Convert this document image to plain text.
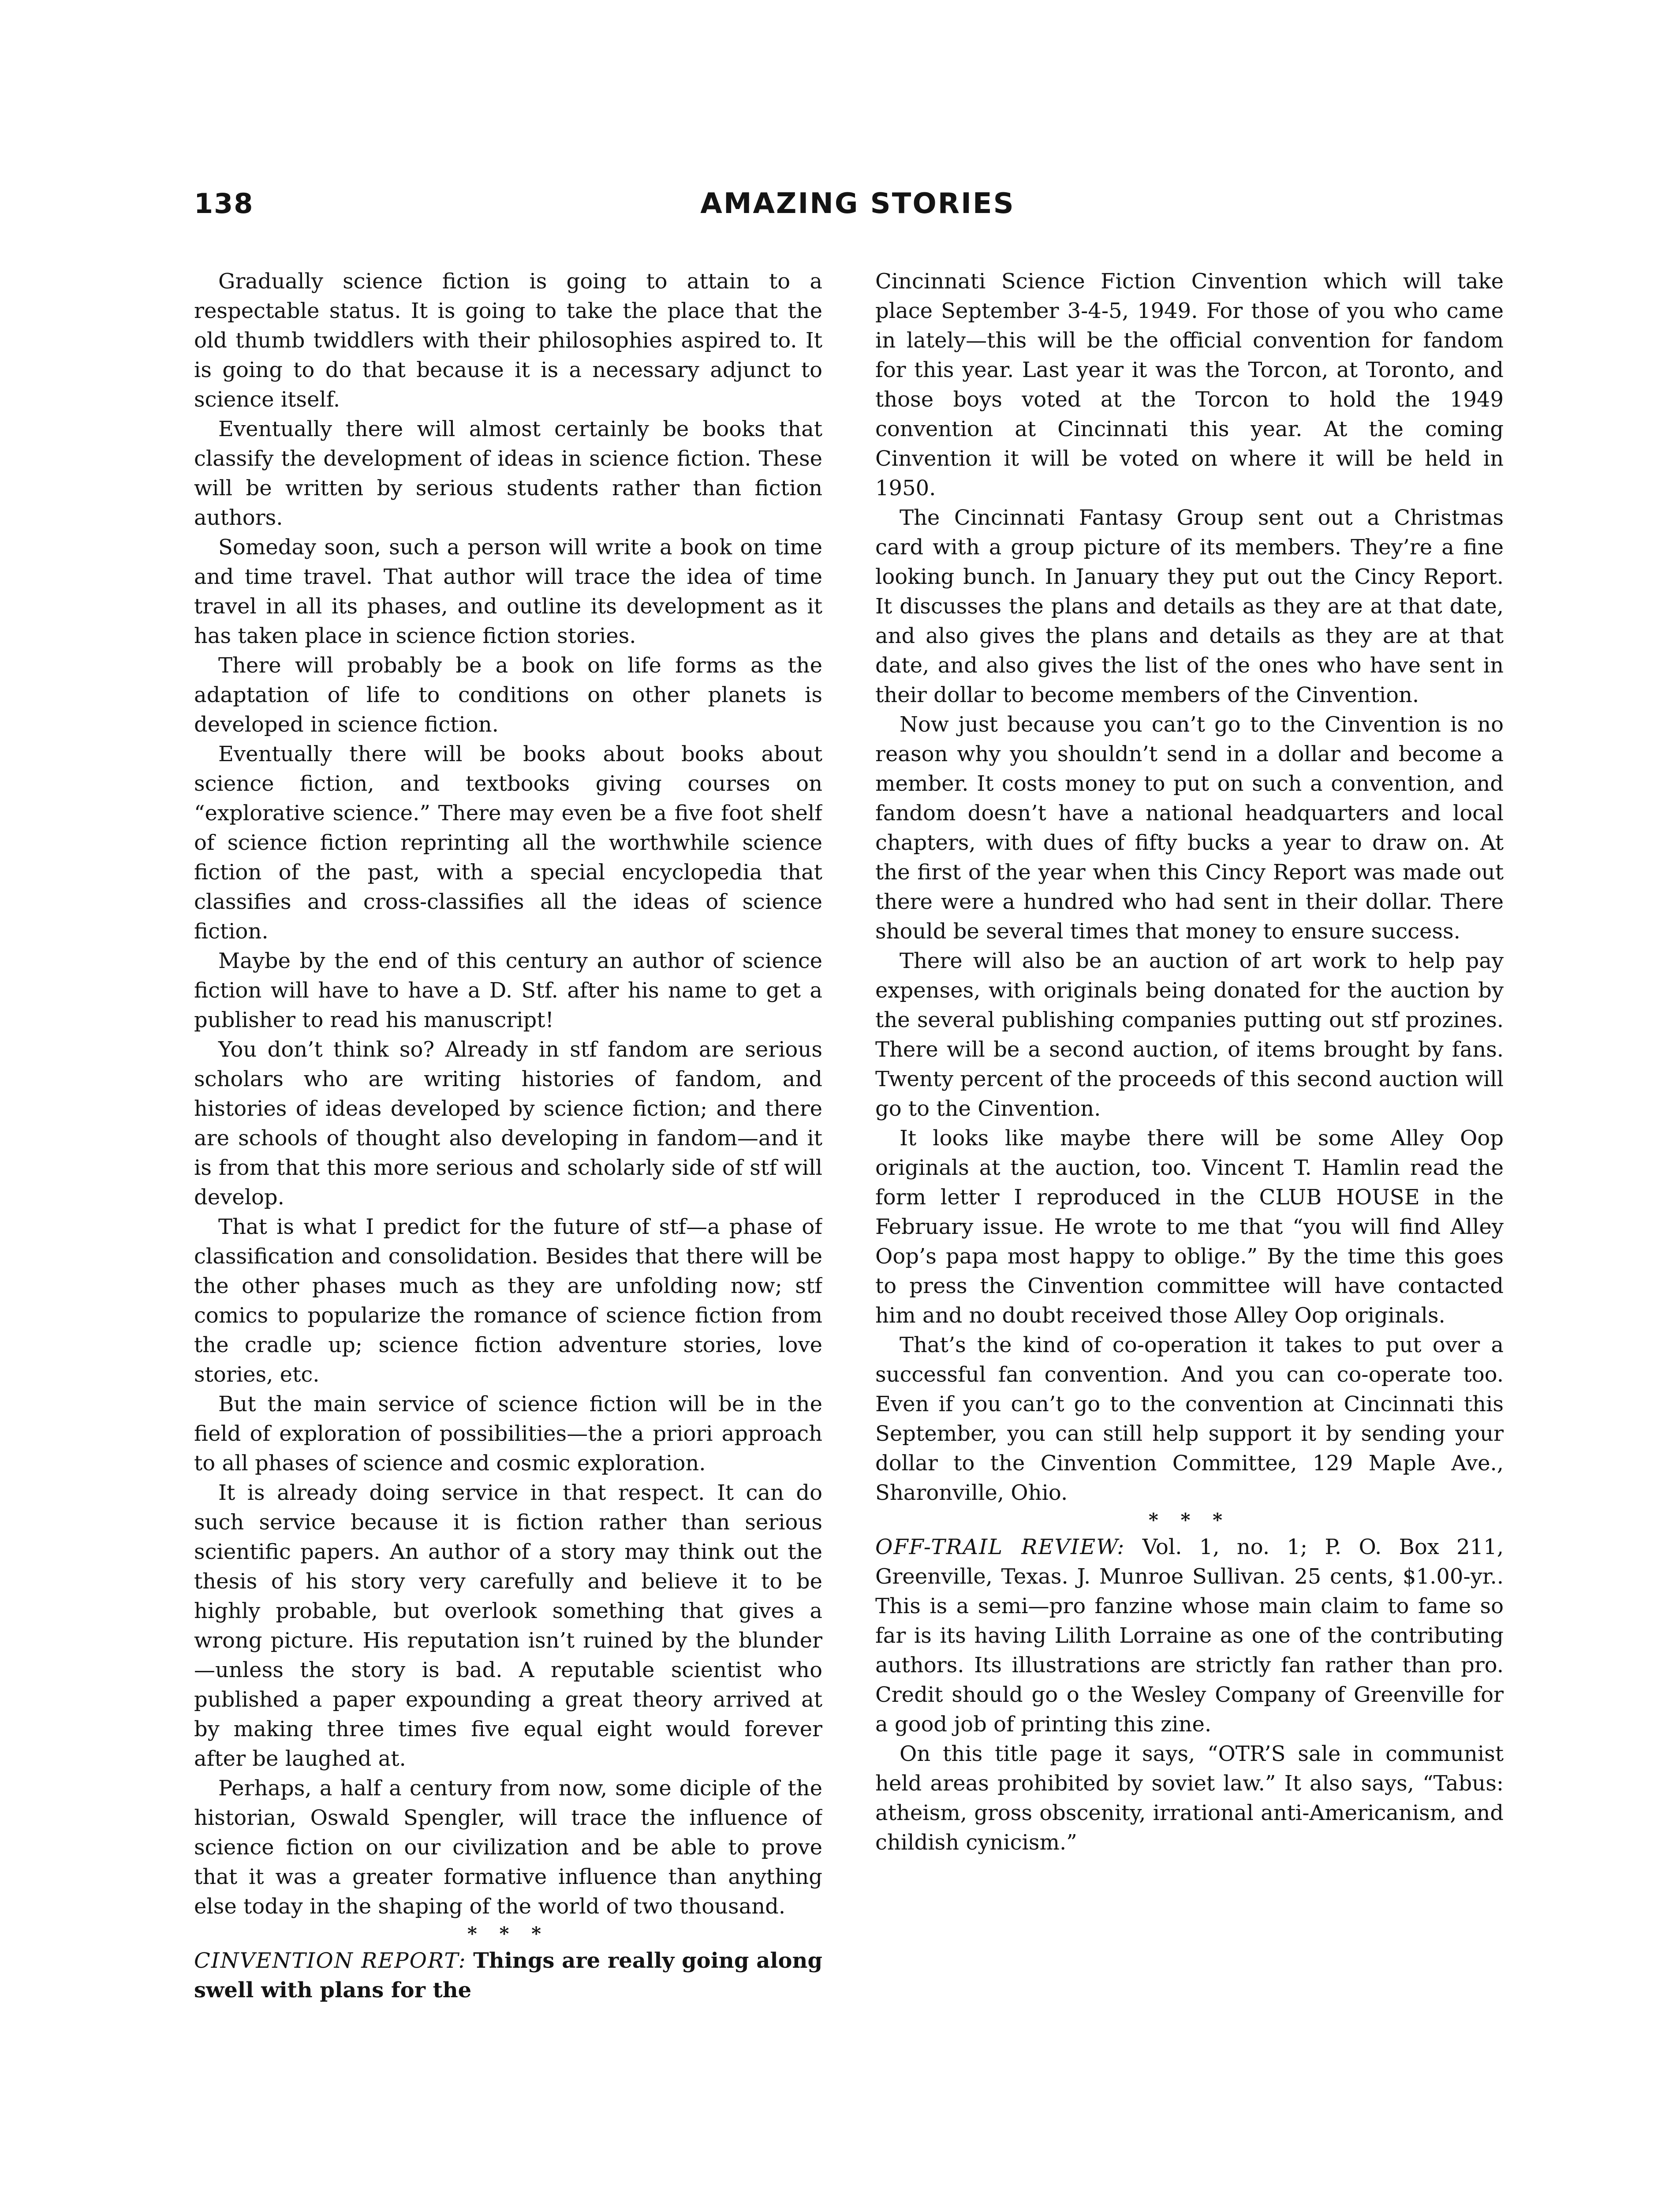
138	AMAZING STORIES

Gradually science fiction is going to attain to a respectable status. It is going to take the place that the old thumb twiddlers with their philosophies aspired to. It is going to do that because it is a necessary adjunct to science itself.

Eventually there will almost certainly be books that classify the development of ideas in science fiction. These will be written by serious students rather than fiction authors.

Someday soon, such a person will write a book on time and time travel. That author will trace the idea of time travel in all its phases, and outline its development as it has taken place in science fiction stories.

There will probably be a book on life forms as the adaptation of life to conditions on other planets is developed in science fiction.

Eventually there will be books about books about science fiction, and textbooks giving courses on “explorative science.” There may even be a five foot shelf of science fiction reprinting all the worthwhile science fiction of the past, with a special encyclopedia that classifies and cross-classifies all the ideas of science fiction.

Maybe by the end of this century an author of science fiction will have to have a D. Stf. after his name to get a publisher to read his manuscript!

You don’t think so? Already in stf fandom are serious scholars who are writing histories of fandom, and histories of ideas developed by science fiction; and there are schools of thought also developing in fandom—and it is from that this more serious and scholarly side of stf will develop.

That is what I predict for the future of stf—a phase of classification and consolidation. Besides that there will be the other phases much as they are unfolding now; stf comics to popularize the romance of science fiction from the cradle up; science fiction adventure stories, love stories, etc.

But the main service of science fiction will be in the field of exploration of possibilities—the a priori approach to all phases of science and cosmic exploration.

It is already doing service in that respect. It can do such service because it is fiction rather than serious scientific papers. An author of a story may think out the thesis of his story very carefully and believe it to be highly probable, but overlook something that gives a wrong picture. His reputation isn’t ruined by the blunder—unless the story is bad. A reputable scientist who published a paper expounding a great theory arrived at by making three times five equal eight would forever after be laughed at.

Perhaps, a half a century from now, some diciple of the historian, Oswald Spengler, will trace the influence of science fiction on our civilization and be able to prove that it was a greater formative influence than anything else today in the shaping of the world of two thousand.

* * *

CINVENTION REPORT: Things are really going along swell with plans for the

Cincinnati Science Fiction Cinvention which will take place September 3-4-5, 1949. For those of you who came in lately—this will be the official convention for fandom for this year. Last year it was the Torcon, at Toronto, and those boys voted at the Torcon to hold the 1949 convention at Cincinnati this year. At the coming Cinvention it will be voted on where it will be held in 1950.

The Cincinnati Fantasy Group sent out a Christmas card with a group picture of its members. They’re a fine looking bunch. In January they put out the Cincy Report. It discusses the plans and details as they are at that date, and also gives the plans and details as they are at that date, and also gives the list of the ones who have sent in their dollar to become members of the Cinvention.

Now just because you can’t go to the Cinvention is no reason why you shouldn’t send in a dollar and become a member. It costs money to put on such a convention, and fandom doesn’t have a national headquarters and local chapters, with dues of fifty bucks a year to draw on. At the first of the year when this Cincy Report was made out there were a hundred who had sent in their dollar. There should be several times that money to ensure success.

There will also be an auction of art work to help pay expenses, with originals being donated for the auction by the several publishing companies putting out stf prozines. There will be a second auction, of items brought by fans. Twenty percent of the proceeds of this second auction will go to the Cinvention.

It looks like maybe there will be some Alley Oop originals at the auction, too. Vincent T. Hamlin read the form letter I reproduced in the CLUB HOUSE in the February issue. He wrote to me that “you will find Alley Oop’s papa most happy to oblige.” By the time this goes to press the Cinvention committee will have contacted him and no doubt received those Alley Oop originals.

That’s the kind of co-operation it takes to put over a successful fan convention. And you can co-operate too. Even if you can’t go to the convention at Cincinnati this September, you can still help support it by sending your dollar to the Cinvention Committee, 129 Maple Ave., Sharonville, Ohio.

* * *

OFF-TRAIL REVIEW: Vol. 1, no. 1; P. O. Box 211, Greenville, Texas. J. Munroe Sullivan. 25 cents, $1.00-yr.. This is a semi—pro fanzine whose main claim to fame so far is its having Lilith Lorraine as one of the contributing authors. Its illustrations are strictly fan rather than pro. Credit should go o the Wesley Company of Greenville for a good job of printing this zine.

On this title page it says, “OTR’S sale in communist held areas prohibited by soviet law.” It also says, “Tabus: atheism, gross obscenity, irrational anti-Americanism, and childish cynicism.”
